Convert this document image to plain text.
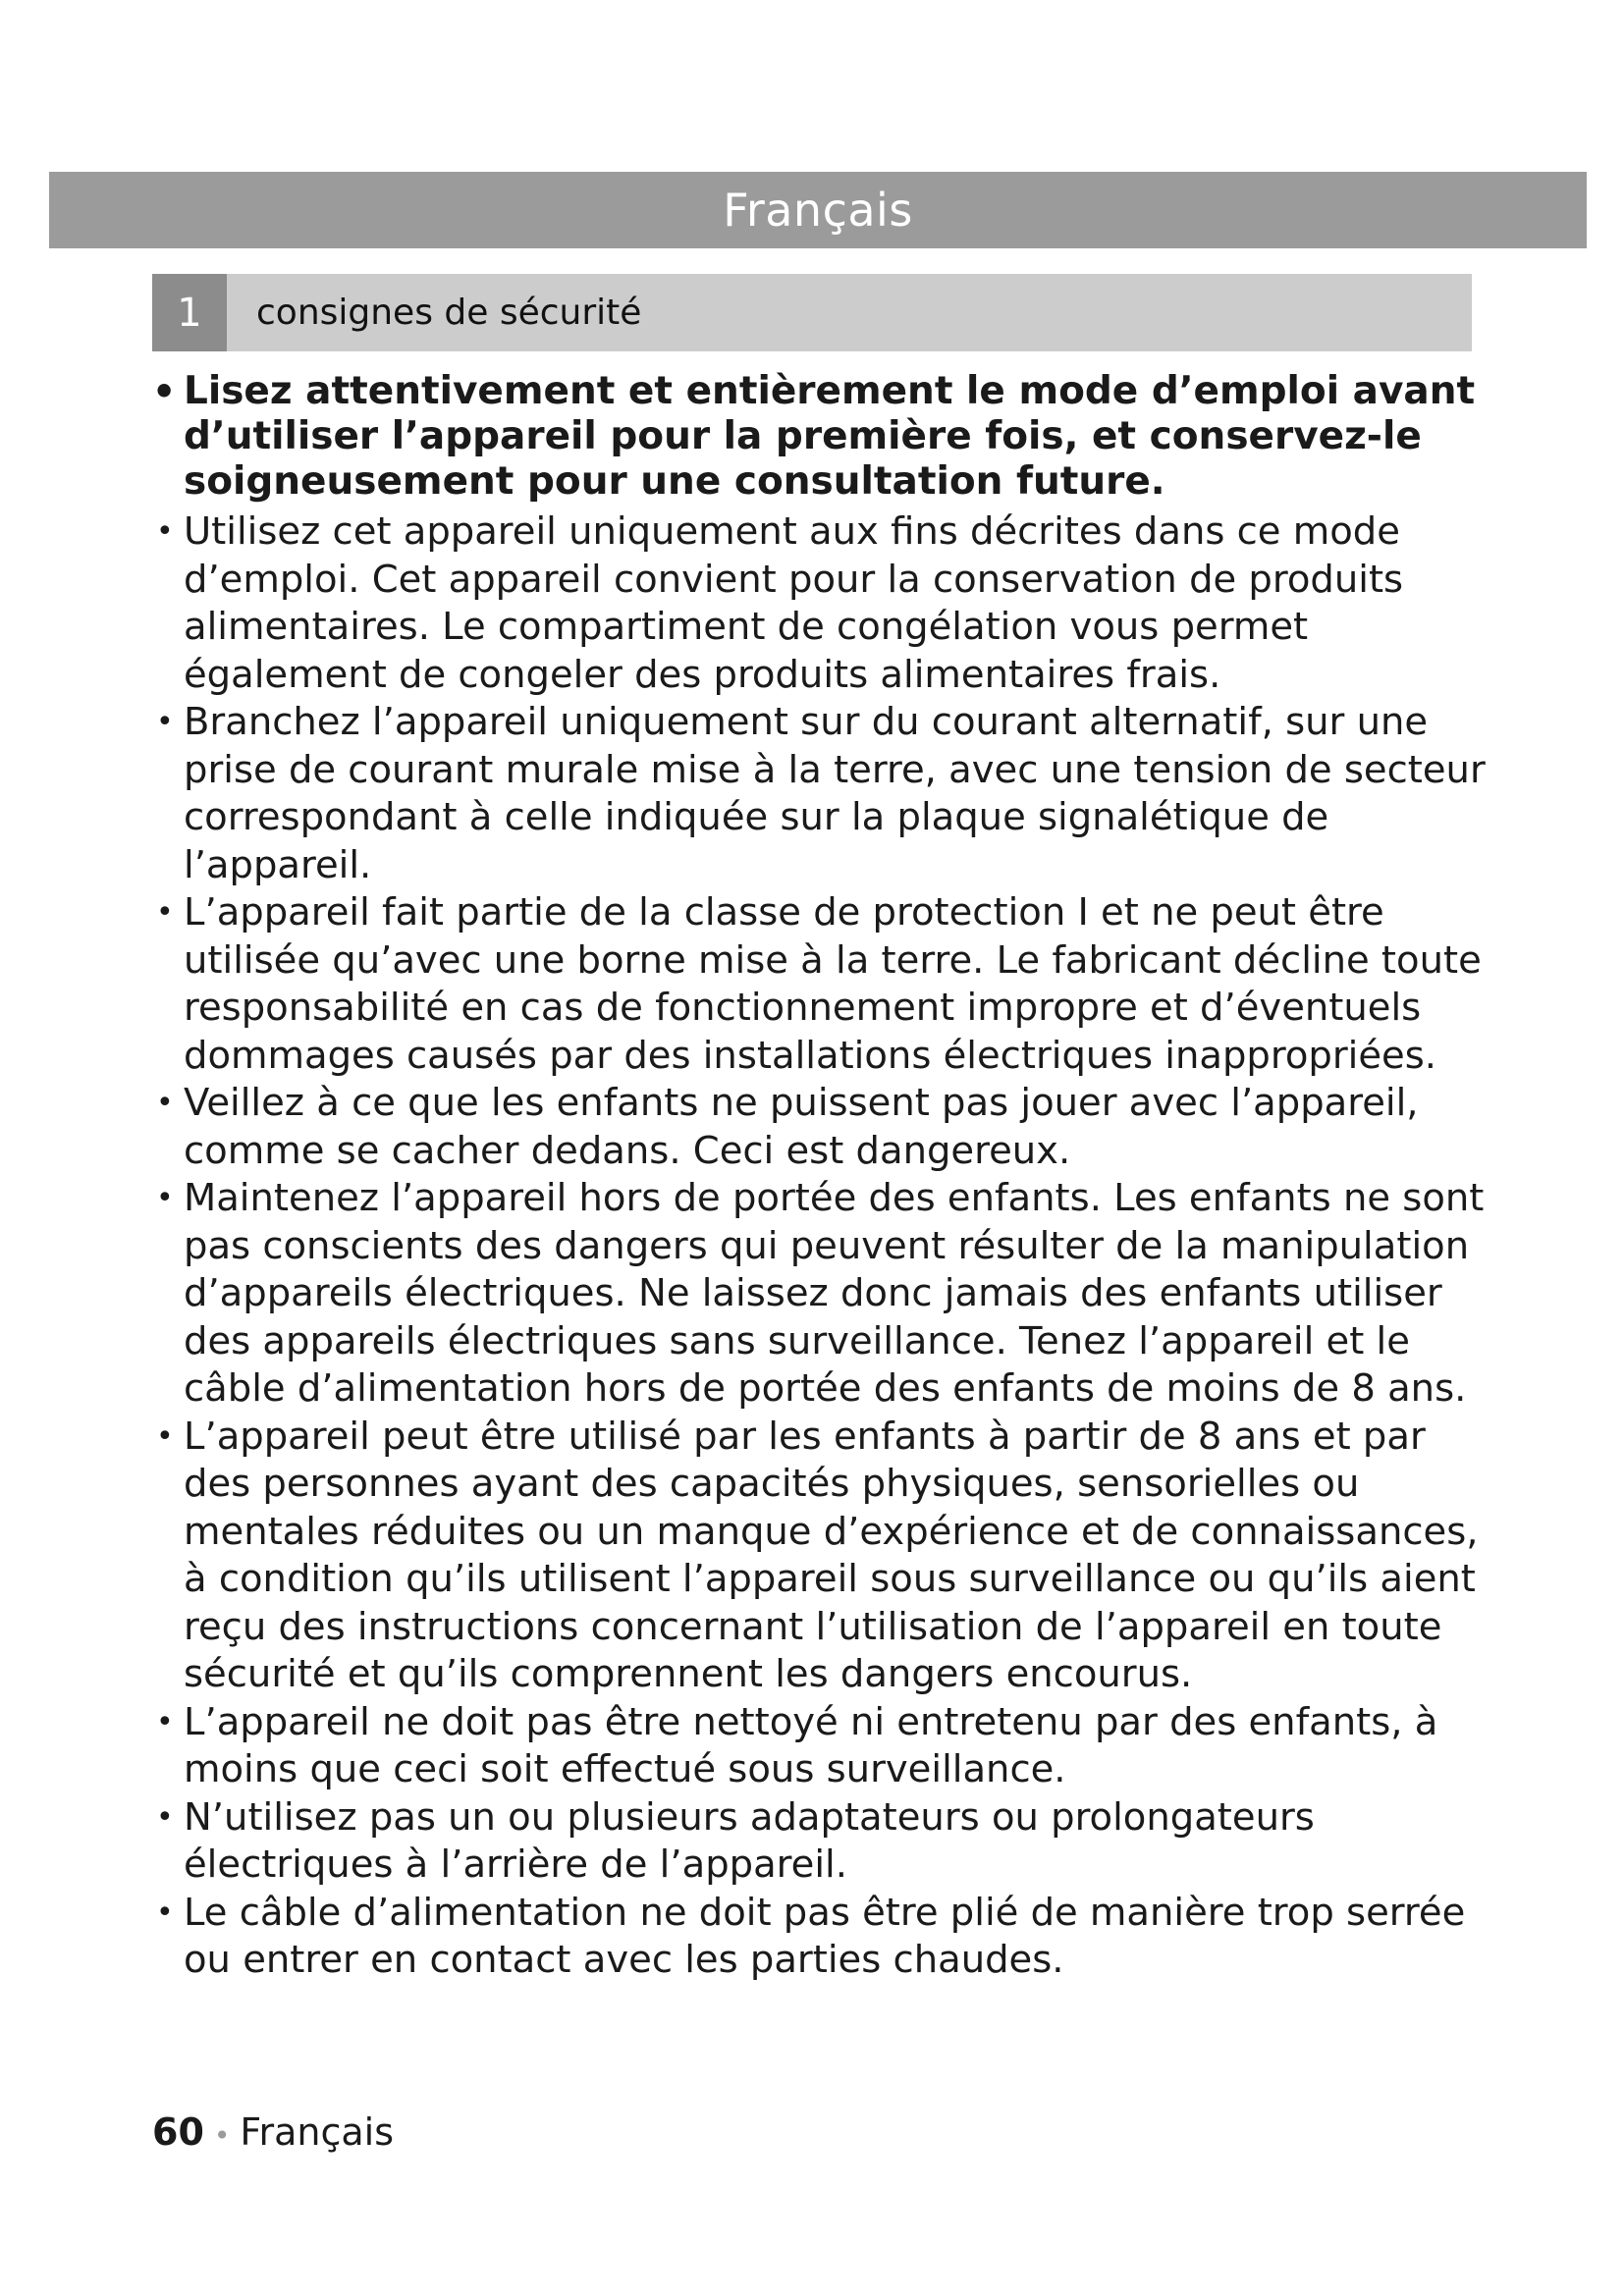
Français
1	consignes de sécurité

• Lisez attentivement et entièrement le mode d’emploi avant d’utiliser l’appareil pour la première fois, et conservez-le soigneusement pour une consultation future.

• Utilisez cet appareil uniquement aux fins décrites dans ce mode d’emploi. Cet appareil convient pour la conservation de produits alimentaires. Le compartiment de congélation vous permet également de congeler des produits alimentaires frais.

• Branchez l’appareil uniquement sur du courant alternatif, sur une prise de courant murale mise à la terre, avec une tension de secteur correspondant à celle indiquée sur la plaque signalétique de l’appareil.

• L’appareil fait partie de la classe de protection I et ne peut être utilisée qu’avec une borne mise à la terre. Le fabricant décline toute responsabilité en cas de fonctionnement impropre et d’éventuels dommages causés par des installations électriques inappropriées.

• Veillez à ce que les enfants ne puissent pas jouer avec l’appareil, comme se cacher dedans. Ceci est dangereux.

• Maintenez l’appareil hors de portée des enfants. Les enfants ne sont pas conscients des dangers qui peuvent résulter de la manipulation d’appareils électriques. Ne laissez donc jamais des enfants utiliser des appareils électriques sans surveillance. Tenez l’appareil et le câble d’alimentation hors de portée des enfants de moins de 8 ans.

• L’appareil peut être utilisé par les enfants à partir de 8 ans et par des personnes ayant des capacités physiques, sensorielles ou mentales réduites ou un manque d’expérience et de connaissances, à condition qu’ils utilisent l’appareil sous surveillance ou qu’ils aient reçu des instructions concernant l’utilisation de l’appareil en toute sécurité et qu’ils comprennent les dangers encourus.

• L’appareil ne doit pas être nettoyé ni entretenu par des enfants, à moins que ceci soit effectué sous surveillance.

• N’utilisez pas un ou plusieurs adaptateurs ou prolongateurs électriques à l’arrière de l’appareil.

• Le câble d’alimentation ne doit pas être plié de manière trop serrée ou entrer en contact avec les parties chaudes.

60 • Français
